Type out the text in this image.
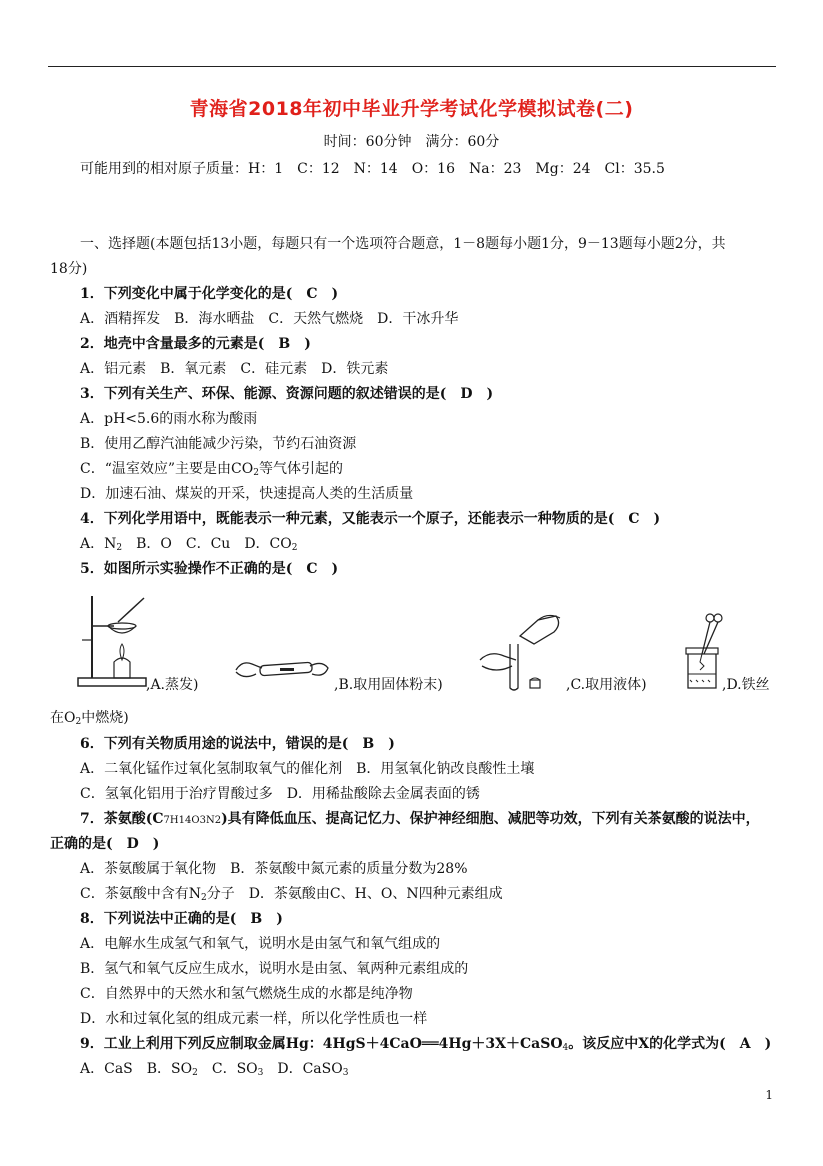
青海省2018年初中毕业升学考试化学模拟试卷(二)
时间：60分钟　满分：60分
可能用到的相对原子质量：H：1　C：12　N：14　O：16　Na：23　Mg：24　Cl：35.5
一、选择题(本题包括13小题，每题只有一个选项符合题意，1－8题每小题1分，9－13题每小题2分，共
18分)
1．下列变化中属于化学变化的是(　C　)
A．酒精挥发　B．海水晒盐　C．天然气燃烧　D．干冰升华
2．地壳中含量最多的元素是(　B　)
A．铝元素　B．氧元素　C．硅元素　D．铁元素
3．下列有关生产、环保、能源、资源问题的叙述错误的是(　D　)
A．pH<5.6的雨水称为酸雨
B．使用乙醇汽油能减少污染，节约石油资源
C．“温室效应”主要是由$CO_2$等气体引起的
D．加速石油、煤炭的开采，快速提高人类的生活质量
4．下列化学用语中，既能表示一种元素，又能表示一个原子，还能表示一种物质的是(　C　)
A．$N_2$　B．O　C．Cu　D．$CO_2$
5．如图所示实验操作不正确的是(　C　)
,A.蒸发)	,B.取用固体粉末)	,C.取用液体)	,D.铁丝
在$O_2$中燃烧)
6．下列有关物质用途的说法中，错误的是(　B　)
A．二氧化锰作过氧化氢制取氧气的催化剂　B．用氢氧化钠改良酸性土壤
C．氢氧化铝用于治疗胃酸过多　D．用稀盐酸除去金属表面的锈
7．茶氨酸(C7H14O3N2)具有降低血压、提高记忆力、保护神经细胞、减肥等功效，下列有关茶氨酸的说法中，
正确的是(　D　)
A．茶氨酸属于氧化物　B．茶氨酸中氮元素的质量分数为28%
C．茶氨酸中含有$N_2$分子　D．茶氨酸由C、H、O、N四种元素组成
8．下列说法中正确的是(　B　)
A．电解水生成氢气和氧气，说明水是由氢气和氧气组成的
B．氢气和氧气反应生成水，说明水是由氢、氧两种元素组成的
C．自然界中的天然水和氢气燃烧生成的水都是纯净物
D．水和过氧化氢的组成元素一样，所以化学性质也一样
9．工业上利用下列反应制取金属Hg：4HgS＋4CaO══4Hg＋3X＋CaSO$_4$。该反应中X的化学式为(　A　)
A．CaS　B．$SO_2$　C．$SO_3$　D．CaSO$_3$
1
